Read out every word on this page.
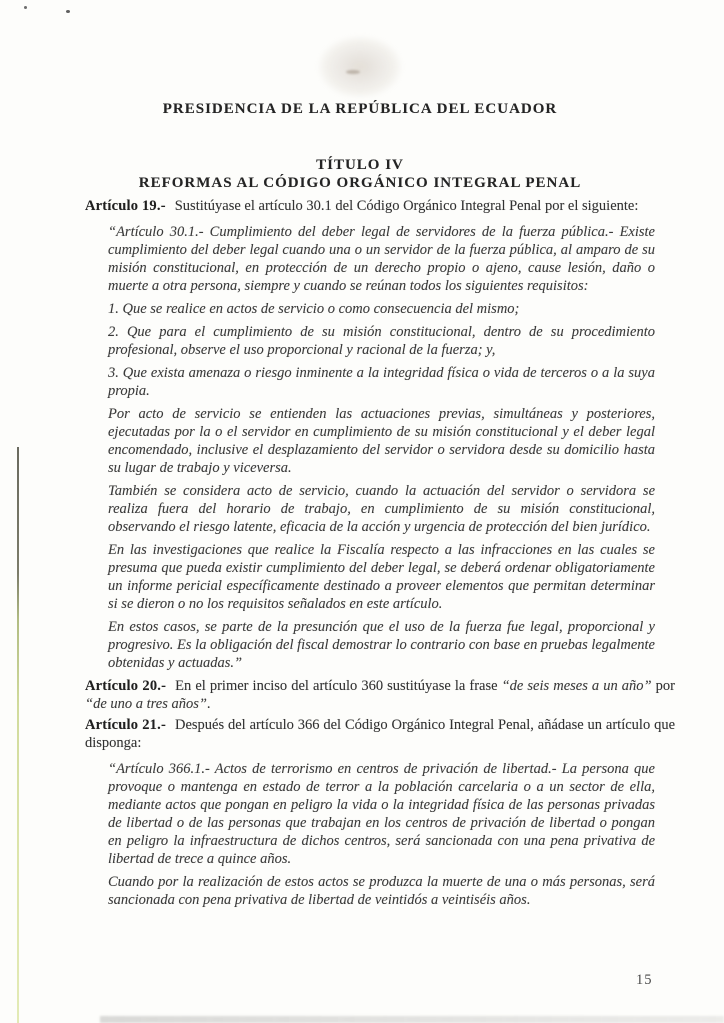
PRESIDENCIA DE LA REPÚBLICA DEL ECUADOR
TÍTULO IV
REFORMAS AL CÓDIGO ORGÁNICO INTEGRAL PENAL

Artículo 19.- Sustitúyase el artículo 30.1 del Código Orgánico Integral Penal por el siguiente:

“Artículo 30.1.- Cumplimiento del deber legal de servidores de la fuerza pública.- Existe cumplimiento del deber legal cuando una o un servidor de la fuerza pública, al amparo de su misión constitucional, en protección de un derecho propio o ajeno, cause lesión, daño o muerte a otra persona, siempre y cuando se reúnan todos los siguientes requisitos:

1. Que se realice en actos de servicio o como consecuencia del mismo;

2. Que para el cumplimiento de su misión constitucional, dentro de su procedimiento profesional, observe el uso proporcional y racional de la fuerza; y,

3. Que exista amenaza o riesgo inminente a la integridad física o vida de terceros o a la suya propia.

Por acto de servicio se entienden las actuaciones previas, simultáneas y posteriores, ejecutadas por la o el servidor en cumplimiento de su misión constitucional y el deber legal encomendado, inclusive el desplazamiento del servidor o servidora desde su domicilio hasta su lugar de trabajo y viceversa.

También se considera acto de servicio, cuando la actuación del servidor o servidora se realiza fuera del horario de trabajo, en cumplimiento de su misión constitucional, observando el riesgo latente, eficacia de la acción y urgencia de protección del bien jurídico.

En las investigaciones que realice la Fiscalía respecto a las infracciones en las cuales se presuma que pueda existir cumplimiento del deber legal, se deberá ordenar obligatoriamente un informe pericial específicamente destinado a proveer elementos que permitan determinar si se dieron o no los requisitos señalados en este artículo.

En estos casos, se parte de la presunción que el uso de la fuerza fue legal, proporcional y progresivo. Es la obligación del fiscal demostrar lo contrario con base en pruebas legalmente obtenidas y actuadas.”

Artículo 20.- En el primer inciso del artículo 360 sustitúyase la frase “de seis meses a un año” por “de uno a tres años”.

Artículo 21.- Después del artículo 366 del Código Orgánico Integral Penal, añádase un artículo que disponga:

“Artículo 366.1.- Actos de terrorismo en centros de privación de libertad.- La persona que provoque o mantenga en estado de terror a la población carcelaria o a un sector de ella, mediante actos que pongan en peligro la vida o la integridad física de las personas privadas de libertad o de las personas que trabajan en los centros de privación de libertad o pongan en peligro la infraestructura de dichos centros, será sancionada con una pena privativa de libertad de trece a quince años.

Cuando por la realización de estos actos se produzca la muerte de una o más personas, será sancionada con pena privativa de libertad de veintidós a veintiséis años.

15
